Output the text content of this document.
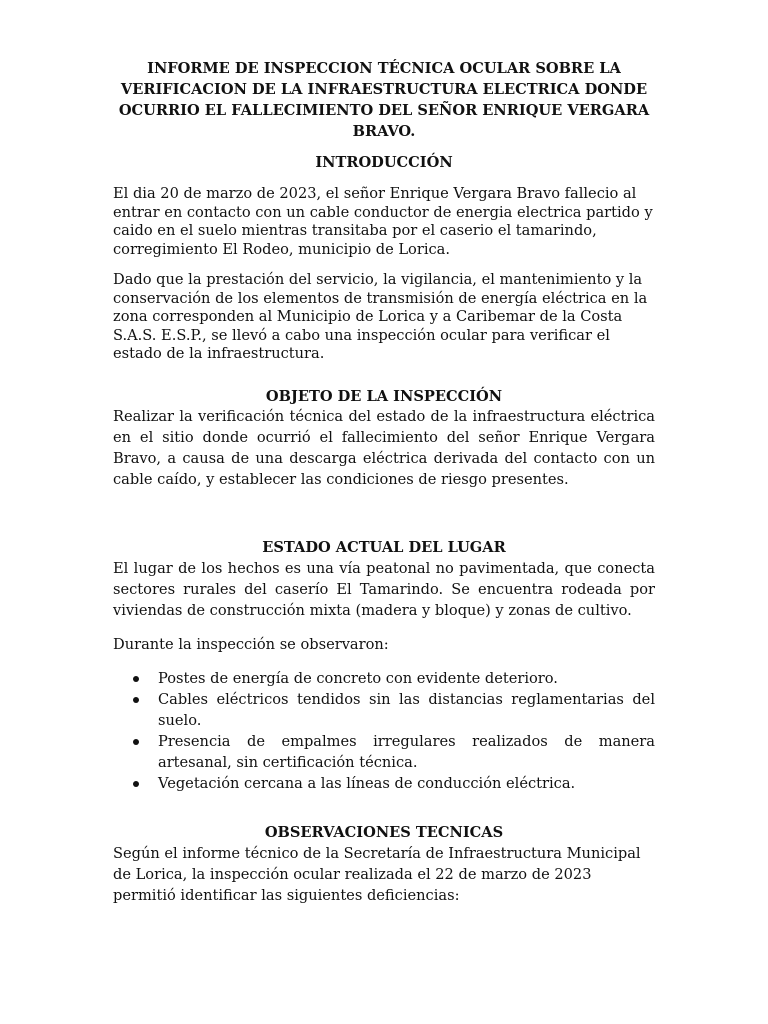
INFORME DE INSPECCION TÉCNICA OCULAR SOBRE LA VERIFICACION DE LA INFRAESTRUCTURA ELECTRICA DONDE OCURRIO EL FALLECIMIENTO DEL SEÑOR ENRIQUE VERGARA BRAVO.
INTRODUCCIÓN

El dia 20 de marzo de 2023, el señor Enrique Vergara Bravo fallecio al entrar en contacto con un cable conductor de energia electrica partido y caido en el suelo mientras transitaba por el caserio el tamarindo, corregimiento El Rodeo, municipio de Lorica.

Dado que la prestación del servicio, la vigilancia, el mantenimiento y la conservación de los elementos de transmisión de energía eléctrica en la zona corresponden al Municipio de Lorica y a Caribemar de la Costa S.A.S. E.S.P., se llevó a cabo una inspección ocular para verificar el estado de la infraestructura.

OBJETO DE LA INSPECCIÓN

Realizar la verificación técnica del estado de la infraestructura eléctrica en el sitio donde ocurrió el fallecimiento del señor Enrique Vergara Bravo, a causa de una descarga eléctrica derivada del contacto con un cable caído, y establecer las condiciones de riesgo presentes.

ESTADO ACTUAL DEL LUGAR

El lugar de los hechos es una vía peatonal no pavimentada, que conecta sectores rurales del caserío El Tamarindo. Se encuentra rodeada por viviendas de construcción mixta (madera y bloque) y zonas de cultivo.

Durante la inspección se observaron:

Postes de energía de concreto con evidente deterioro.
Cables eléctricos tendidos sin las distancias reglamentarias del suelo.
Presencia de empalmes irregulares realizados de manera artesanal, sin certificación técnica.
Vegetación cercana a las líneas de conducción eléctrica.
OBSERVACIONES TECNICAS

Según el informe técnico de la Secretaría de Infraestructura Municipal de Lorica, la inspección ocular realizada el 22 de marzo de 2023 permitió identificar las siguientes deficiencias:
